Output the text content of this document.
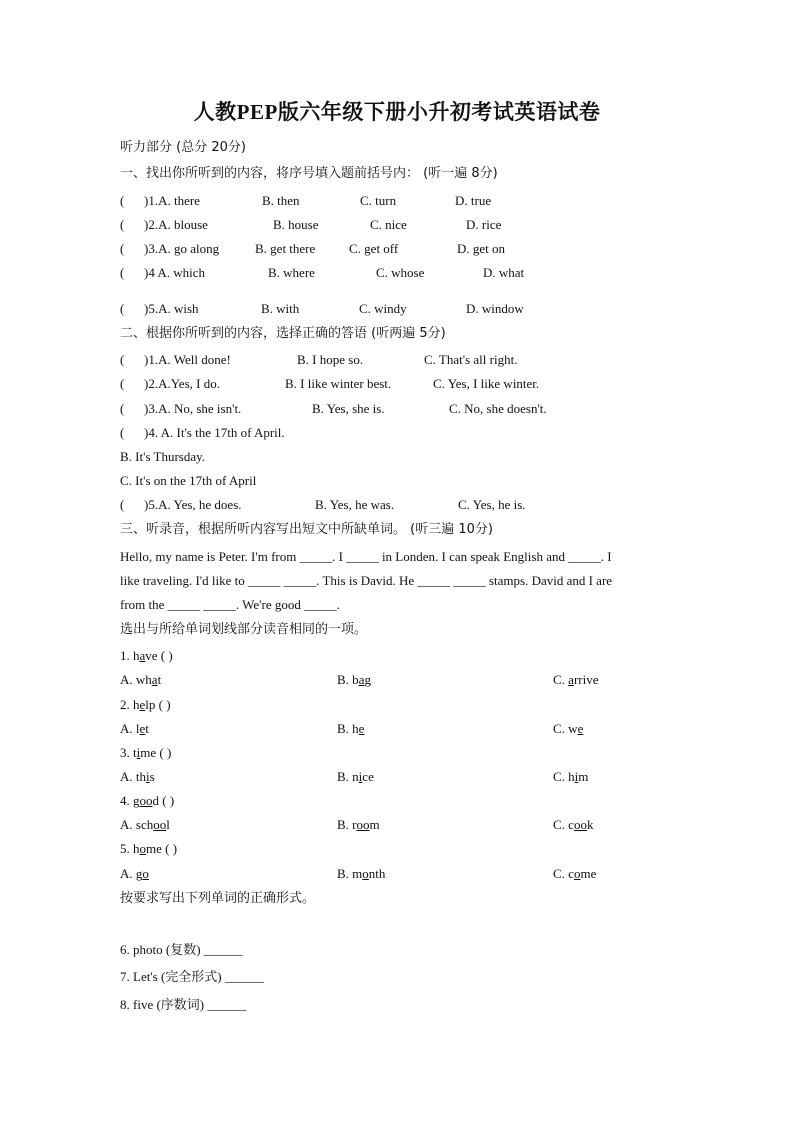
人教PEP版六年级下册小升初考试英语试卷
听力部分 (总分 20分)
一、找出你所听到的内容，将序号填入题前括号内： (听一遍 8分)
( )1.A. there	B. then	C. turn	D. true
( )2.A. blouse	B. house	C. nice	D. rice
( )3.A. go along	B. get there	C. get off	D. get on
( )4 A. which	B. where	C. whose	D. what
( )5.A. wish	B. with	C. windy	D. window
二、根据你所听到的内容，选择正确的答语 (听两遍 5分)
( )1.A. Well done!	B. I hope so.	C. That's all right.
( )2.A.Yes, I do.	B. I like winter best.	C. Yes, I like winter.
( )3.A. No, she isn't.	B. Yes, she is.	C. No, she doesn't.
( )4. A. It's the 17th of April.
B. It's Thursday.
C. It's on the 17th of April
( )5.A. Yes, he does.	B. Yes, he was.	C. Yes, he is.
三、听录音，根据所听内容写出短文中所缺单词。 (听三遍 10分)
Hello, my name is Peter. I'm from _____. I _____ in Londen. I can speak English and _____. I
like traveling. I'd like to _____ _____. This is David. He _____ _____ stamps. David and I are
from the _____ _____. We're good _____.
选出与所给单词划线部分读音相同的一项。
1. have ( )
A. what	B. bag	C. arrive
2. help ( )
A. let	B. he	C. we
3. time ( )
A. this	B. nice	C. him
4. good ( )
A. school	B. room	C. cook
5. home ( )
A. go	B. month	C. come
按要求写出下列单词的正确形式。
6. photo (复数) ______
7. Let's (完全形式) ______
8. five (序数词) ______
